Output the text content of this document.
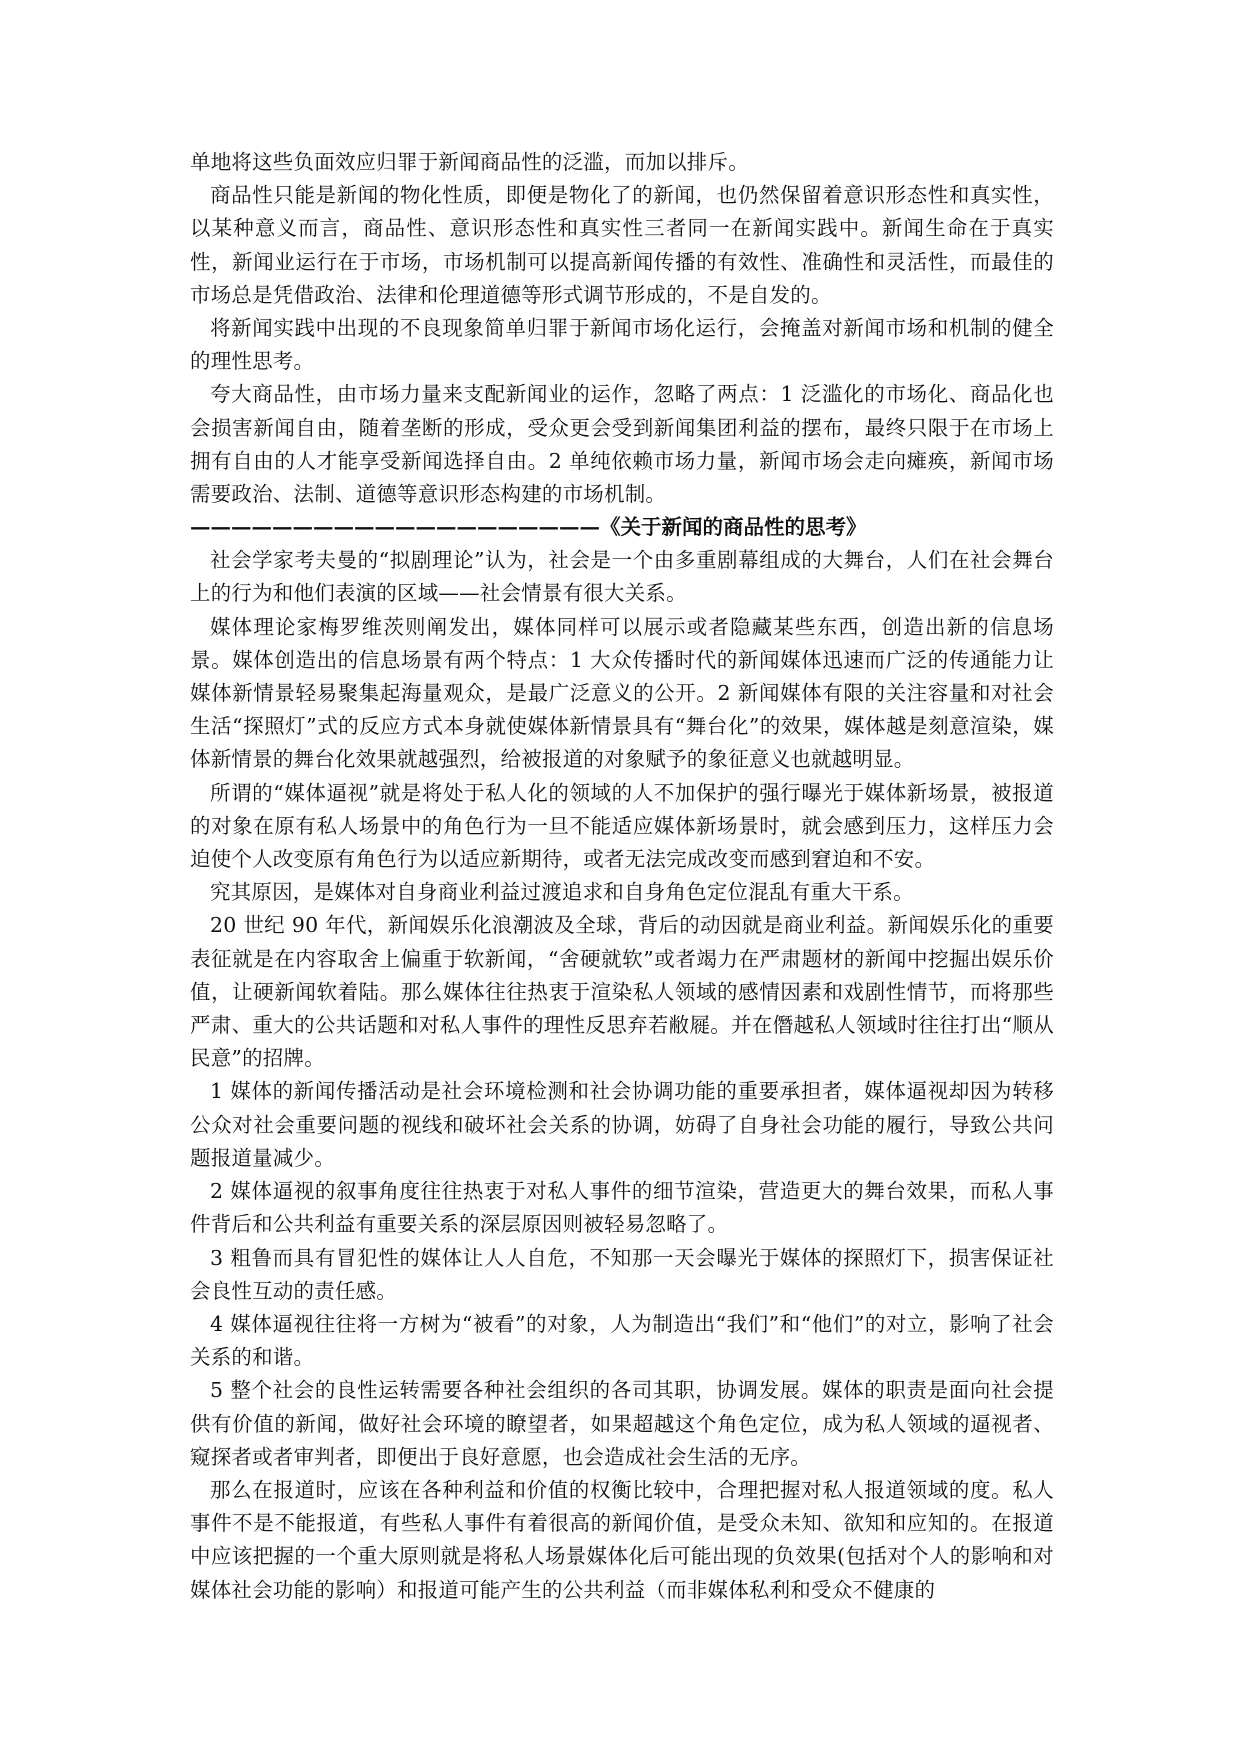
单地将这些负面效应归罪于新闻商品性的泛滥，而加以排斥。

商品性只能是新闻的物化性质，即便是物化了的新闻，也仍然保留着意识形态性和真实性，以某种意义而言，商品性、意识形态性和真实性三者同一在新闻实践中。新闻生命在于真实性，新闻业运行在于市场，市场机制可以提高新闻传播的有效性、准确性和灵活性，而最佳的市场总是凭借政治、法律和伦理道德等形式调节形成的，不是自发的。

将新闻实践中出现的不良现象简单归罪于新闻市场化运行，会掩盖对新闻市场和机制的健全的理性思考。

夸大商品性，由市场力量来支配新闻业的运作，忽略了两点：1 泛滥化的市场化、商品化也会损害新闻自由，随着垄断的形成，受众更会受到新闻集团利益的摆布，最终只限于在市场上拥有自由的人才能享受新闻选择自由。2 单纯依赖市场力量，新闻市场会走向瘫痪，新闻市场需要政治、法制、道德等意识形态构建的市场机制。

————————————————————《关于新闻的商品性的思考》

社会学家考夫曼的“拟剧理论”认为，社会是一个由多重剧幕组成的大舞台，人们在社会舞台上的行为和他们表演的区域——社会情景有很大关系。

媒体理论家梅罗维茨则阐发出，媒体同样可以展示或者隐藏某些东西，创造出新的信息场景。媒体创造出的信息场景有两个特点：1 大众传播时代的新闻媒体迅速而广泛的传通能力让媒体新情景轻易聚集起海量观众，是最广泛意义的公开。2 新闻媒体有限的关注容量和对社会生活“探照灯”式的反应方式本身就使媒体新情景具有“舞台化”的效果，媒体越是刻意渲染，媒体新情景的舞台化效果就越强烈，给被报道的对象赋予的象征意义也就越明显。

所谓的“媒体逼视”就是将处于私人化的领域的人不加保护的强行曝光于媒体新场景，被报道的对象在原有私人场景中的角色行为一旦不能适应媒体新场景时，就会感到压力，这样压力会迫使个人改变原有角色行为以适应新期待，或者无法完成改变而感到窘迫和不安。

究其原因，是媒体对自身商业利益过渡追求和自身角色定位混乱有重大干系。

20 世纪 90 年代，新闻娱乐化浪潮波及全球，背后的动因就是商业利益。新闻娱乐化的重要表征就是在内容取舍上偏重于软新闻，“舍硬就软”或者竭力在严肃题材的新闻中挖掘出娱乐价值，让硬新闻软着陆。那么媒体往往热衷于渲染私人领域的感情因素和戏剧性情节，而将那些严肃、重大的公共话题和对私人事件的理性反思弃若敝屣。并在僭越私人领域时往往打出“顺从民意”的招牌。

1 媒体的新闻传播活动是社会环境检测和社会协调功能的重要承担者，媒体逼视却因为转移公众对社会重要问题的视线和破坏社会关系的协调，妨碍了自身社会功能的履行，导致公共问题报道量减少。

2 媒体逼视的叙事角度往往热衷于对私人事件的细节渲染，营造更大的舞台效果，而私人事件背后和公共利益有重要关系的深层原因则被轻易忽略了。

3 粗鲁而具有冒犯性的媒体让人人自危，不知那一天会曝光于媒体的探照灯下，损害保证社会良性互动的责任感。

4 媒体逼视往往将一方树为“被看”的对象，人为制造出“我们”和“他们”的对立，影响了社会关系的和谐。

5 整个社会的良性运转需要各种社会组织的各司其职，协调发展。媒体的职责是面向社会提供有价值的新闻，做好社会环境的瞭望者，如果超越这个角色定位，成为私人领域的逼视者、窥探者或者审判者，即便出于良好意愿，也会造成社会生活的无序。

那么在报道时，应该在各种利益和价值的权衡比较中，合理把握对私人报道领域的度。私人事件不是不能报道，有些私人事件有着很高的新闻价值，是受众未知、欲知和应知的。在报道中应该把握的一个重大原则就是将私人场景媒体化后可能出现的负效果(包括对个人的影响和对媒体社会功能的影响）和报道可能产生的公共利益（而非媒体私利和受众不健康的
